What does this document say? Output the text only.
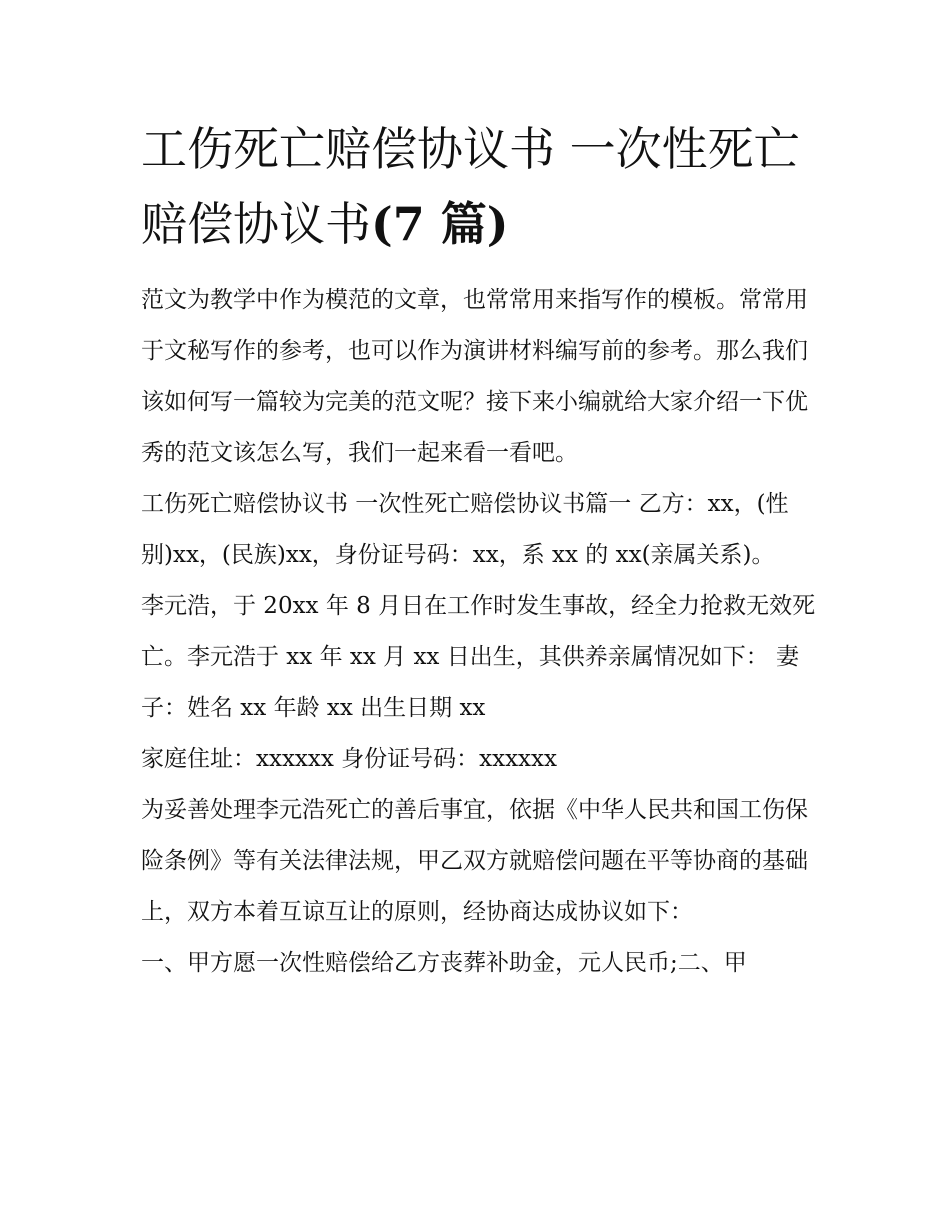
工伤死亡赔偿协议书 一次性死亡赔偿协议书(7 篇)

范文为教学中作为模范的文章，也常常用来指写作的模板。常常用于文秘写作的参考，也可以作为演讲材料编写前的参考。那么我们该如何写一篇较为完美的范文呢？接下来小编就给大家介绍一下优秀的范文该怎么写，我们一起来看一看吧。

工伤死亡赔偿协议书 一次性死亡赔偿协议书篇一 乙方：xx，(性别)xx，(民族)xx，身份证号码：xx，系 xx 的 xx(亲属关系)。

李元浩，于 20xx 年 8 月日在工作时发生事故，经全力抢救无效死亡。李元浩于 xx 年 xx 月 xx 日出生，其供养亲属情况如下： 妻子：姓名 xx 年龄 xx 出生日期 xx

家庭住址：xxxxxx 身份证号码：xxxxxx

为妥善处理李元浩死亡的善后事宜，依据《中华人民共和国工伤保险条例》等有关法律法规，甲乙双方就赔偿问题在平等协商的基础上，双方本着互谅互让的原则，经协商达成协议如下：

一、甲方愿一次性赔偿给乙方丧葬补助金，元人民币;二、甲
